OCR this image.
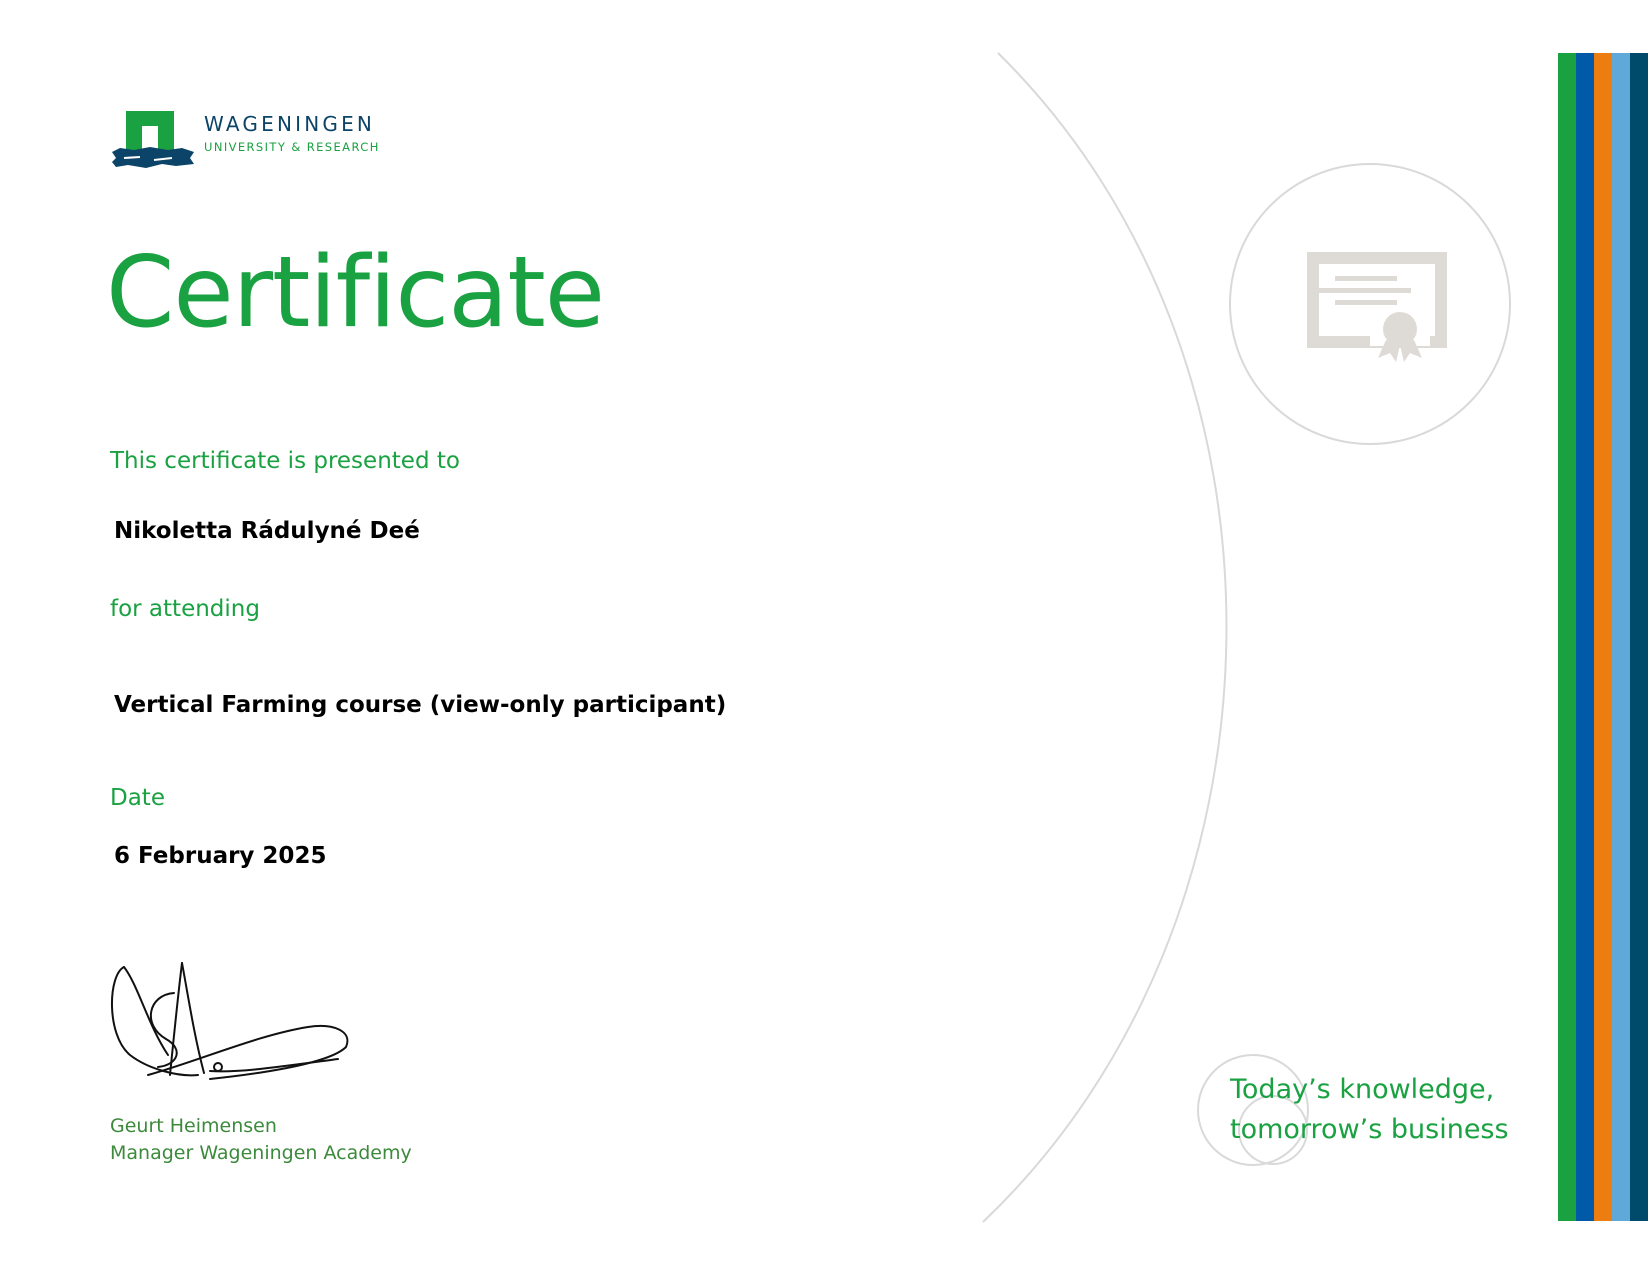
WAGENINGEN
UNIVERSITY & RESEARCH
Certificate
This certificate is presented to
Nikoletta Rádulyné Deé
for attending
Vertical Farming course (view-only participant)
Date
6 February 2025
Geurt Heimensen
Manager Wageningen Academy
Today’s knowledge,
tomorrow’s business
